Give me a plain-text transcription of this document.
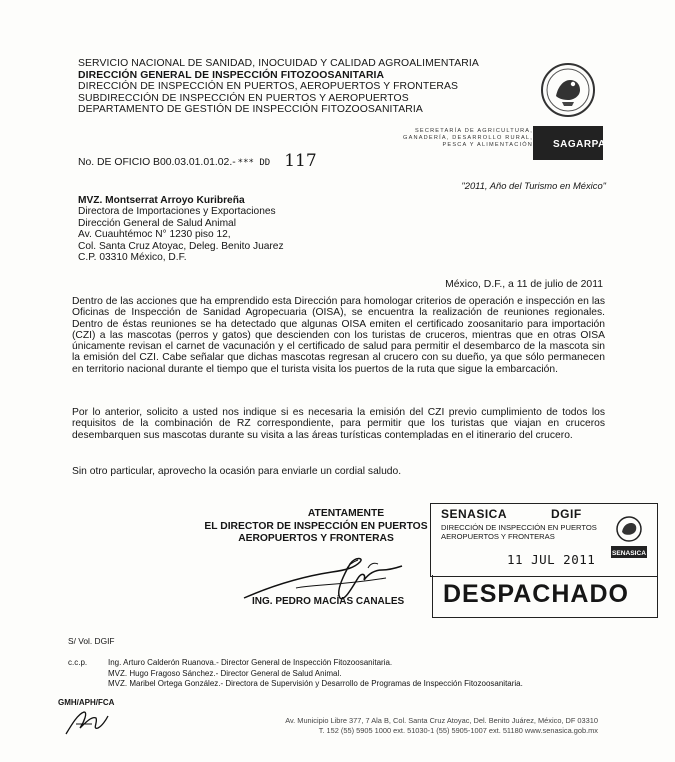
SERVICIO NACIONAL DE SANIDAD, INOCUIDAD Y CALIDAD AGROALIMENTARIA
DIRECCIÓN GENERAL DE INSPECCIÓN FITOZOOSANITARIA
DIRECCIÓN DE INSPECCIÓN EN PUERTOS, AEROPUERTOS Y FRONTERAS
SUBDIRECCIÓN DE INSPECCIÓN EN PUERTOS Y AEROPUERTOS
DEPARTAMENTO DE GESTIÓN DE INSPECCIÓN FITOZOOSANITARIA
SECRETARÍA DE AGRICULTURA,
GANADERÍA, DESARROLLO RURAL,
PESCA Y ALIMENTACIÓN SAGARPA
No. DE OFICIO B00.03.01.01.02.- *** DD 117
"2011, Año del Turismo en México"
MVZ. Montserrat Arroyo Kuribreña
Directora de Importaciones y Exportaciones
Dirección General de Salud Animal
Av. Cuauhtémoc N° 1230 piso 12,
Col. Santa Cruz Atoyac, Deleg. Benito Juarez
C.P. 03310 México, D.F.
México, D.F., a 11 de julio de 2011
Dentro de las acciones que ha emprendido esta Dirección para homologar criterios de operación e inspección en las Oficinas de Inspección de Sanidad Agropecuaria (OISA), se encuentra la realización de reuniones regionales. Dentro de éstas reuniones se ha detectado que algunas OISA emiten el certificado zoosanitario para importación (CZI) a las mascotas (perros y gatos) que descienden con los turistas de cruceros, mientras que en otras OISA únicamente revisan el carnet de vacunación y el certificado de salud para permitir el desembarco de la mascota sin la emisión del CZI. Cabe señalar que dichas mascotas regresan al crucero con su dueño, ya que sólo permanecen en territorio nacional durante el tiempo que el turista visita los puertos de la ruta que sigue la embarcación.
Por lo anterior, solicito a usted nos indique si es necesaria la emisión del CZI previo cumplimiento de todos los requisitos de la combinación de RZ correspondiente, para permitir que los turistas que viajan en cruceros desembarquen sus mascotas durante su visita a las áreas turísticas contempladas en el itinerario del crucero.
Sin otro particular, aprovecho la ocasión para enviarle un cordial saludo.
ATENTAMENTE
EL DIRECTOR DE INSPECCIÓN EN PUERTOS
AEROPUERTOS Y FRONTERAS
ING. PEDRO MACÍAS CANALES
SENASICA	DGIF
DIRECCIÓN DE INSPECCIÓN EN PUERTOS
AEROPUERTOS Y FRONTERAS
11 JUL 2011	SENASICA
DESPACHADO
S/ Vol. DGIF
c.c.p.	Ing. Arturo Calderón Ruanova.- Director General de Inspección Fitozoosanitaria.
MVZ. Hugo Fragoso Sánchez.- Director General de Salud Animal.
MVZ. Maribel Ortega González.- Directora de Supervisión y Desarrollo de Programas de Inspección Fitozoosanitaria.
GMH/APH/FCA
Av. Municipio Libre 377, 7 Ala B, Col. Santa Cruz Atoyac, Del. Benito Juárez, México, DF 03310
T. 152 (55) 5905 1000 ext. 51030-1 (55) 5905-1007 ext. 51180 www.senasica.gob.mx
